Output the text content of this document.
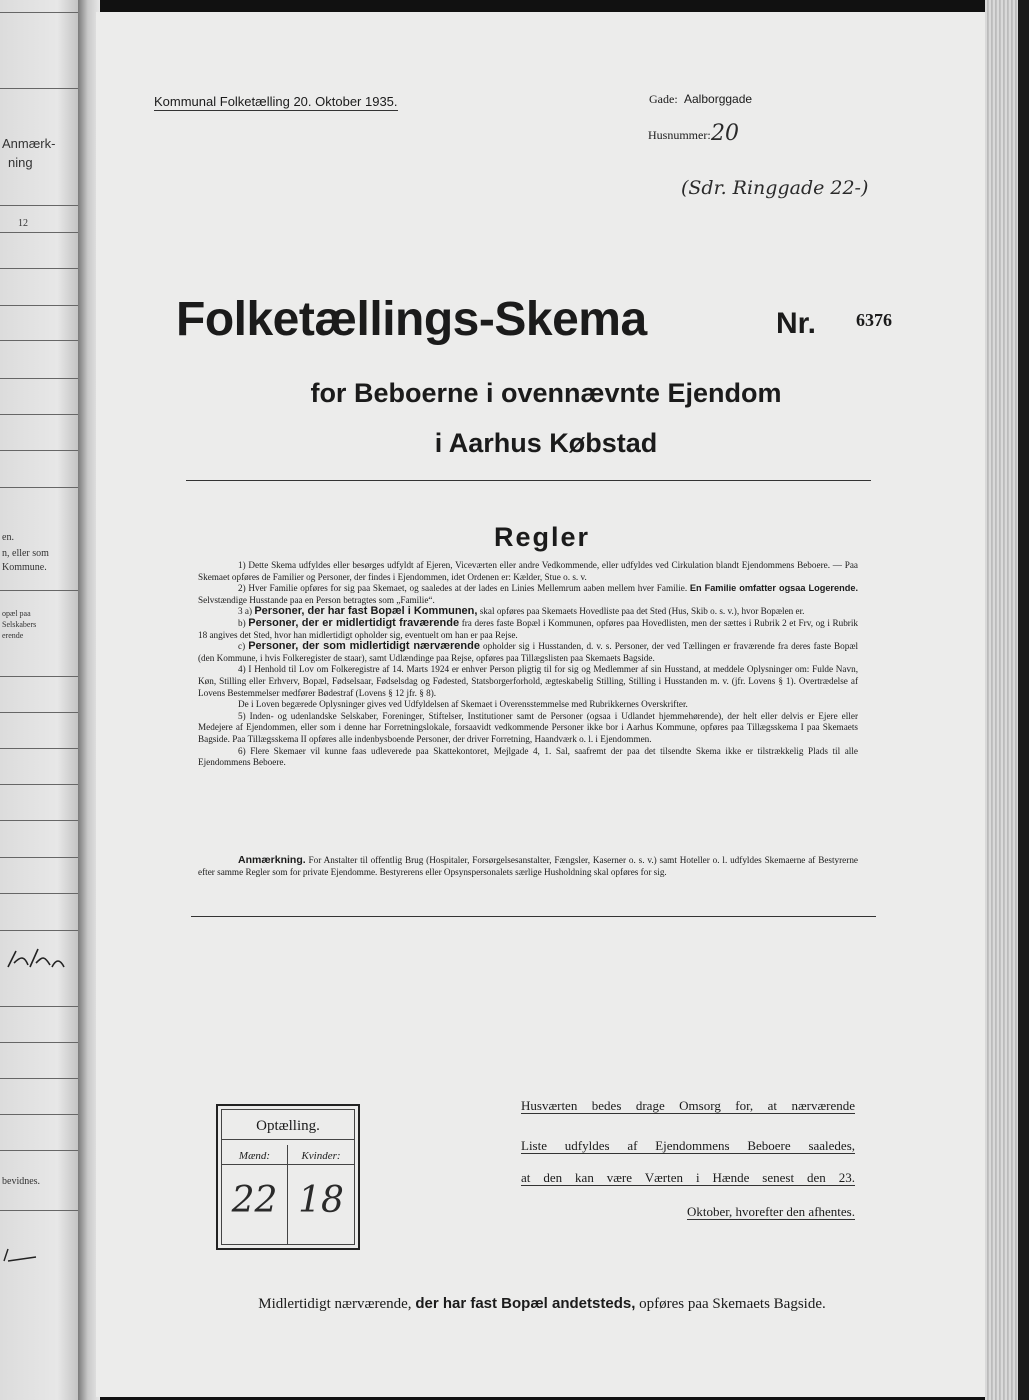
Anmærk-
ning
12
en.
n, eller som
Kommune.
opæl paa
Selskabers
erende
bevidnes.
Kommunal Folketælling 20. Oktober 1935.	Gade: Aalborggade
Husnummer: 20
(Sdr. Ringgade 22-)
Folketællings-Skema	Nr. 6376
for Beboerne i ovennævnte Ejendom
i Aarhus Købstad
Regler

1) Dette Skema udfyldes eller besørges udfyldt af Ejeren, Viceværten eller andre Vedkommende, eller udfyldes ved Cirkulation blandt Ejendommens Beboere. — Paa Skemaet opføres de Familier og Personer, der findes i Ejendommen, idet Ordenen er: Kælder, Stue o. s. v.

2) Hver Familie opføres for sig paa Skemaet, og saaledes at der lades en Linies Mellemrum aaben mellem hver Familie. En Familie omfatter ogsaa Logerende. Selvstændige Husstande paa en Person betragtes som „Familie“.

3 a) Personer, der har fast Bopæl i Kommunen, skal opføres paa Skemaets Hovedliste paa det Sted (Hus, Skib o. s. v.), hvor Bopælen er.

b) Personer, der er midlertidigt fraværende fra deres faste Bopæl i Kommunen, opføres paa Hovedlisten, men der sættes i Rubrik 2 et Frv, og i Rubrik 18 angives det Sted, hvor han midlertidigt opholder sig, eventuelt om han er paa Rejse.

c) Personer, der som midlertidigt nærværende opholder sig i Husstanden, d. v. s. Personer, der ved Tællingen er fraværende fra deres faste Bopæl (den Kommune, i hvis Folkeregister de staar), samt Udlændinge paa Rejse, opføres paa Tillægslisten paa Skemaets Bagside.

4) I Henhold til Lov om Folkeregistre af 14. Marts 1924 er enhver Person pligtig til for sig og Medlemmer af sin Husstand, at meddele Oplysninger om: Fulde Navn, Køn, Stilling eller Erhverv, Bopæl, Fødselsaar, Fødselsdag og Fødested, Statsborgerforhold, ægteskabelig Stilling, Stilling i Husstanden m. v. (jfr. Lovens § 1). Overtrædelse af Lovens Bestemmelser medfører Bødestraf (Lovens § 12 jfr. § 8).

De i Loven begærede Oplysninger gives ved Udfyldelsen af Skemaet i Overensstemmelse med Rubrikkernes Overskrifter.

5) Inden- og udenlandske Selskaber, Foreninger, Stiftelser, Institutioner samt de Personer (ogsaa i Udlandet hjemmehørende), der helt eller delvis er Ejere eller Medejere af Ejendommen, eller som i denne har Forretningslokale, forsaavidt vedkommende Personer ikke bor i Aarhus Kommune, opføres paa Tillægsskema I paa Skemaets Bagside. Paa Tillægsskema II opføres alle indenbysboende Personer, der driver Forretning, Haandværk o. l. i Ejendommen.

6) Flere Skemaer vil kunne faas udleverede paa Skattekontoret, Mejlgade 4, 1. Sal, saafremt der paa det tilsendte Skema ikke er tilstrækkelig Plads til alle Ejendommens Beboere.

Anmærkning. For Anstalter til offentlig Brug (Hospitaler, Forsørgelsesanstalter, Fængsler, Kaserner o. s. v.) samt Hoteller o. l. udfyldes Skemaerne af Bestyrerne efter samme Regler som for private Ejendomme. Bestyrerens eller Opsynspersonalets særlige Husholdning skal opføres for sig.
Optælling.
Mænd:	Kvinder:
22 18
Husværten bedes drage Omsorg for, at nærværende
Liste udfyldes af Ejendommens Beboere saaledes,
at den kan være Værten i Hænde senest den 23.
Oktober, hvorefter den afhentes.
Midlertidigt nærværende, der har fast Bopæl andetsteds, opføres paa Skemaets Bagside.
